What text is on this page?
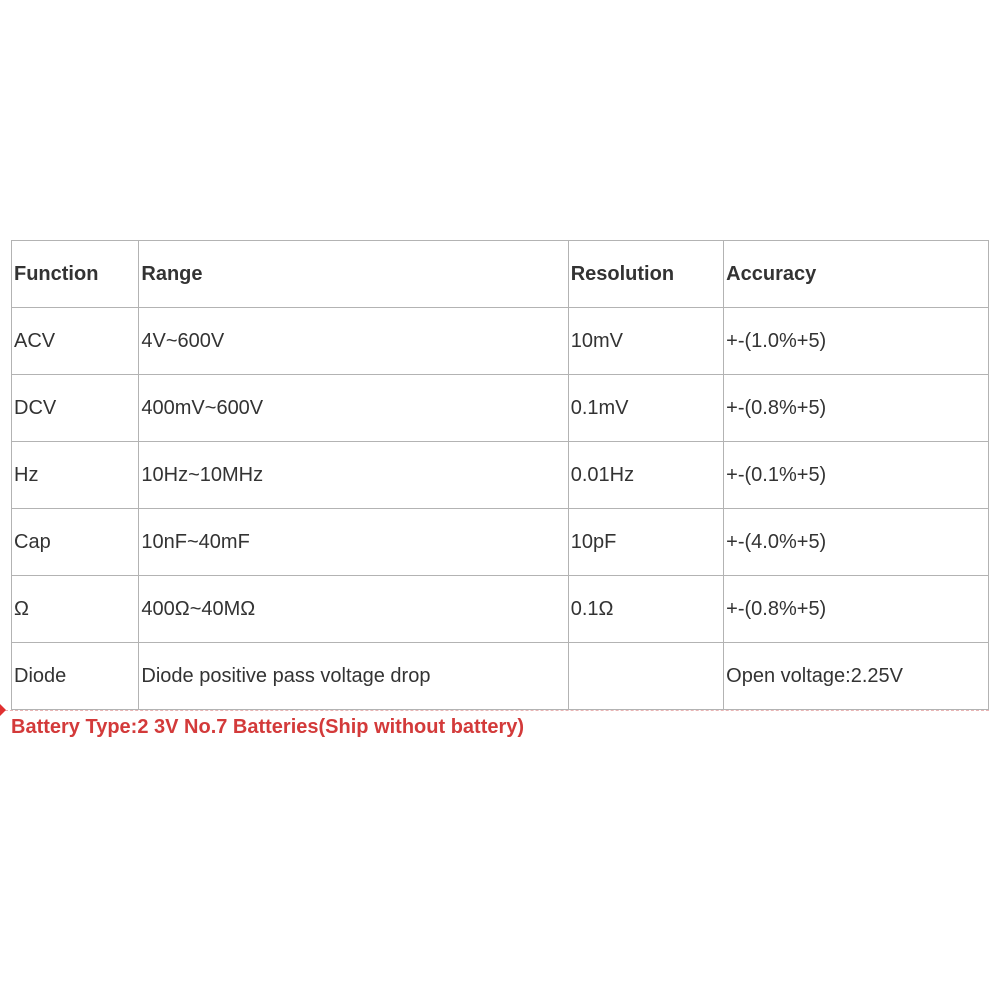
Function	Range	Resolution	Accuracy
ACV	4V~600V	10mV	+-(1.0%+5)
DCV	400mV~600V	0.1mV	+-(0.8%+5)
Hz	10Hz~10MHz	0.01Hz	+-(0.1%+5)
Cap	10nF~40mF	10pF	+-(4.0%+5)
Ω	400Ω~40MΩ	0.1Ω	+-(0.8%+5)
Diode	Diode positive pass voltage drop		Open voltage:2.25V
Battery Type:2 3V No.7 Batteries(Ship without battery)
